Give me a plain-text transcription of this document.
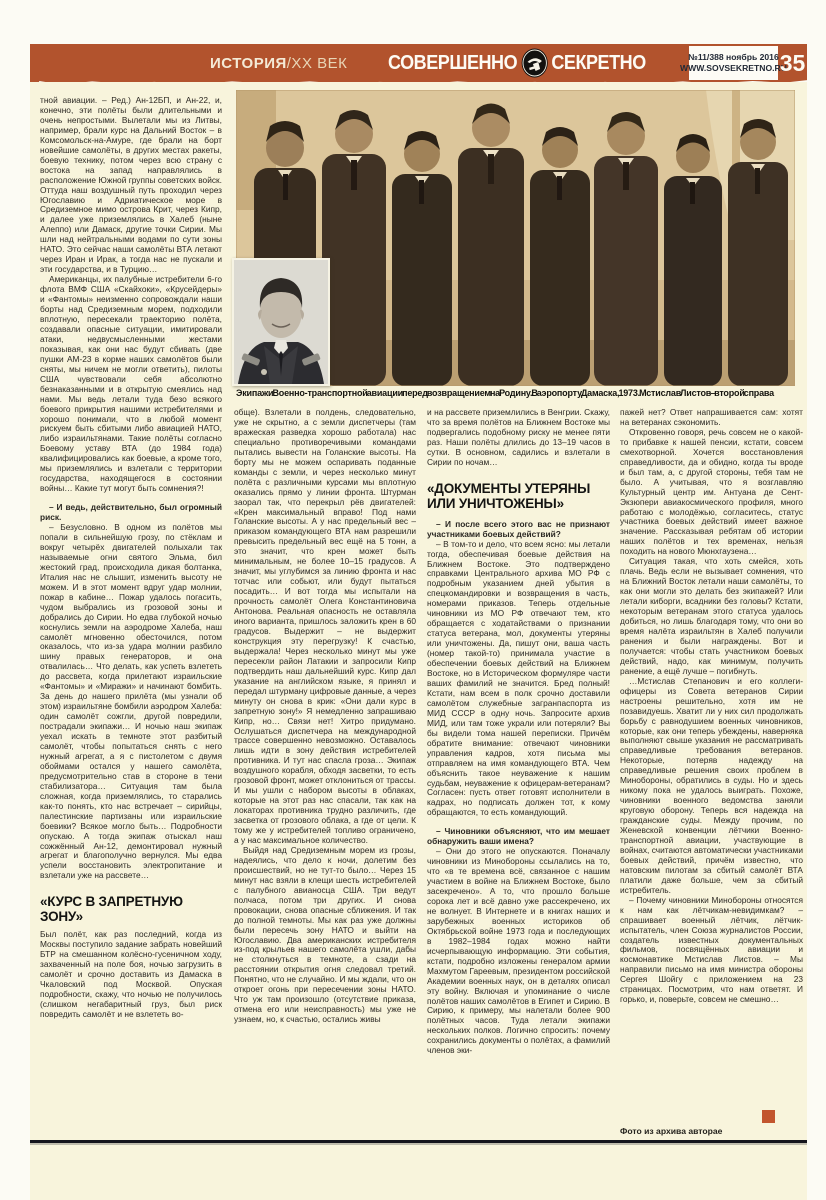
ИСТОРИЯ /XX ВЕК СОВЕРШЕННО СЕКРЕТНО	№11/388 ноябрь 2016
WWW.SOVSEKRETNO.RU
35
Экипажи Военно-транспортной авиации перед возвращением на Родину. В аэропорту Дамаска, 1973. Мстислав Листов – второй справа

тной авиации. – Ред.) Ан-12БП, и Ан-22, и, конечно, эти полёты были длительными и очень непростыми. Вылетали мы из Литвы, например, брали курс на Дальний Восток – в Комсомольск-на-Амуре, где брали на борт новейшие самолёты, в других местах ракеты, боевую технику, потом через всю страну с востока на запад направлялись в расположение Южной группы советских войск. Оттуда наш воздушный путь проходил через Югославию и Адриатическое море в Средиземное мимо острова Крит, через Кипр, и далее уже приземлялись в Халеб (ныне Алеппо) или Дамаск, другие точки Сирии. Мы шли над нейтральными водами по сути зоны НАТО. Это сейчас наши самолёты ВТА летают через Иран и Ирак, а тогда нас не пускали и эти государства, и в Турцию…

Американцы, их палубные истребители 6-го флота ВМФ США «Скайхоки», «Крусейдеры» и «Фантомы» неизменно сопровождали наши борты над Средиземным морем, подходили вплотную, пересекали траекторию полёта, создавали опасные ситуации, имитировали атаки, недвусмысленными жестами показывая, как они нас будут сбивать (две пушки АМ-23 в корме наших самолётов были сняты, мы ничем не могли ответить), пилоты США чувствовали себя абсолютно безнаказанными и в открытую смеялись над нами. Мы ведь летали туда безо всякого боевого прикрытия нашими истребителями и хорошо понимали, что в любой момент рискуем быть сбитыми либо авиацией НАТО, либо израильтянами. Такие полёты согласно Боевому уставу ВТА (до 1984 года) квалифицировались как боевые, а кроме того, мы приземлялись и взлетали с территории государства, находящегося в состоянии войны… Какие тут могут быть сомнения?!

– И ведь, действительно, был огромный риск.

– Безусловно. В одном из полётов мы попали в сильнейшую грозу, по стёклам и вокруг четырёх двигателей полыхали так называемые огни святого Эльма, бил жестокий град, происходила дикая болтанка, Италия нас не слышит, изменить высоту не можем. И в этот момент вдруг удар молнии, пожар в кабине… Пожар удалось погасить, чудом выбрались из грозовой зоны и добрались до Сирии. Но едва глубокой ночью коснулись земли на аэродроме Халеба, наш самолёт мгновенно обесточился, потом оказалось, что из-за удара молнии разбило шину правых генераторов, и она отвалилась… Что делать, как успеть взлететь до рассвета, когда прилетают израильские «Фантомы» и «Миражи» и начинают бомбить. За день до нашего прилёта (мы узнали об этом) израильтяне бомбили аэродром Халеба: один самолёт сожгли, другой повредили, пострадали экипажи… И ночью наш экипаж уехал искать в темноте этот разбитый самолёт, чтобы попытаться снять с него нужный агрегат, а я с пистолетом с двумя обоймами остался у нашего самолёта, предусмотрительно став в стороне в тени стабилизатора… Ситуация там была сложная, когда приземлялись, то старались как-то понять, кто нас встречает – сирийцы, палестинские партизаны или израильские боевики? Всякое могло быть… Подробности опускаю. А тогда экипаж отыскал наш сожжённый Ан-12, демонтировал нужный агрегат и благополучно вернулся. Мы едва успели восстановить электропитание и взлетали уже на рассвете…

«КУРС В ЗАПРЕТНУЮ ЗОНУ»

Был полёт, как раз последний, когда из Москвы поступило задание забрать новейший БТР на смешанном колёсно-гусеничном ходу, захваченный на поле боя, ночью загрузить в самолёт и срочно доставить из Дамаска в Чкаловский под Москвой. Опуская подробности, скажу, что ночью не получилось (слишком негабаритный груз, был риск повредить самолёт и не взлететь во-

обще). Взлетали в полдень, следовательно, уже не скрытно, а с земли диспетчеры (там вражеская разведка хорошо работала) нас специально противоречивыми командами пытались вывести на Голанские высоты. На борту мы не можем оспаривать поданные команды с земли, и через несколько минут полёта с различными курсами мы вплотную оказались прямо у линии фронта. Штурман заорал так, что перекрыл рёв двигателей: «Крен максимальный вправо! Под нами Голанские высоты. А у нас предельный вес – приказом командующего ВТА нам разрешили превысить предельный вес ещё на 5 тонн, а это значит, что крен может быть минимальным, не более 10–15 градусов. А значит, мы углубимся за линию фронта и нас тотчас или собьют, или будут пытаться посадить… И вот тогда мы испытали на прочность самолёт Олега Константиновича Антонова. Реальная опасность не оставляла иного варианта, пришлось заложить крен в 60 градусов. Выдержит – не выдержит конструкция эту перегрузку! К счастью, выдержала! Через несколько минут мы уже пересекли район Латакии и запросили Кипр подтвердить наш дальнейший курс. Кипр дал указание на английском языке, я принял и передал штурману цифровые данные, а через минуту он снова в крик: «Они дали курс в запретную зону!» Я немедленно запрашиваю Кипр, но… Связи нет! Хитро придумано. Ослушаться диспетчера на международной трассе совершенно невозможно. Оставалось лишь идти в зону действия истребителей противника. И тут нас спасла гроза… Экипаж воздушного корабля, обходя засветки, то есть грозовой фронт, может отклониться от трассы. И мы ушли с набором высоты в облаках, которые на этот раз нас спасали, так как на локаторах противника трудно различить, где засветка от грозового облака, а где от цели. К тому же у истребителей топливо ограничено, а у нас максимальное количество.

Выйдя над Средиземным морем из грозы, надеялись, что дело к ночи, долетим без происшествий, но не тут-то было… Через 15 минут нас взяли в клещи шесть истребителей с палубного авианосца США. Три ведут полчаса, потом три других. И снова провокации, снова опасные сближения. И так до полной темноты. Мы как раз уже должны были пересечь зону НАТО и выйти на Югославию. Два американских истребителя из-под крыльев нашего самолёта ушли, дабы не столкнуться в темноте, а сзади на расстоянии открытия огня следовал третий. Понятно, что не случайно. И мы ждали, что он откроет огонь при пересечении зоны НАТО. Что уж там произошло (отсутствие приказа, отмена его или неисправность) мы уже не узнаем, но, к счастью, остались живы

и на рассвете приземлились в Венгрии. Скажу, что за время полётов на Ближнем Востоке мы подвергались подобному риску не менее пяти раз. Наши полёты длились до 13–19 часов в сутки. В основном, садились и взлетали в Сирии по ночам…

«ДОКУМЕНТЫ УТЕРЯНЫ ИЛИ УНИЧТОЖЕНЫ»

– И после всего этого вас не признают участниками боевых действий?

– В том-то и дело, что всем ясно: мы летали тогда, обеспечивая боевые действия на Ближнем Востоке. Это подтверждено справками Центрального архива МО РФ с подробным указанием дней убытия в спецкомандировки и возвращения в часть, номерами приказов. Теперь отдельные чиновники из МО РФ отвечают тем, кто обращается с ходатайствами о признании статуса ветерана, мол, документы утеряны или уничтожены. Да, пишут они, ваша часть (номер такой-то) принимала участие в обеспечении боевых действий на Ближнем Востоке, но в Историческом формуляре части ваших фамилий не значится. Бред полный! Кстати, нам всем в полк срочно доставили самолётом служебные загранпаспорта из МИД СССР в одну ночь. Запросите архив МИД, или там тоже украли или потеряли? Вы бы видели тома нашей переписки. Причём обратите внимание: отвечают чиновники управления кадров, хотя письма мы отправляем на имя командующего ВТА. Чем объяснить такое неуважение к нашим судьбам, неуважение к офицерам-ветеранам? Согласен: пусть ответ готовят исполнители в кадрах, но подписать должен тот, к кому обращаются, то есть командующий.

– Чиновники объясняют, что им мешает обнаружить ваши имена?

– Они до этого не опускаются. Поначалу чиновники из Минобороны ссылались на то, что «в те времена всё, связанное с нашим участием в войне на Ближнем Востоке, было засекречено». А то, что прошло больше сорока лет и всё давно уже рассекречено, их не волнует. В Интернете и в книгах наших и зарубежных военных историков об Октябрьской войне 1973 года и последующих в 1982–1984 годах можно найти исчерпывающую информацию. Эти события, кстати, подробно изложены генералом армии Махмутом Гареевым, президентом российской Академии военных наук, он в деталях описал эту войну. Включая и упоминание о числе полётов наших самолётов в Египет и Сирию. В Сирию, к примеру, мы налетали более 900 полётных часов. Туда летали экипажи нескольких полков. Логично спросить: почему сохранились документы о полётах, а фамилий членов эки-

пажей нет? Ответ напрашивается сам: хотят на ветеранах сэкономить.

Откровенно говоря, речь совсем не о какой-то прибавке к нашей пенсии, кстати, совсем смехотворной. Хочется восстановления справедливости, да и обидно, когда ты вроде и был там, а, с другой стороны, тебя там не было. А учитывая, что я возглавляю Культурный центр им. Антуана де Сент-Экзюпери авиакосмического профиля, много работаю с молодёжью, согласитесь, статус участника боевых действий имеет важное значение. Рассказывая ребятам об истории наших полётов и тех временах, нельзя походить на нового Мюнхгаузена…

Ситуация такая, что хоть смейся, хоть плачь. Ведь если не вызывает сомнения, что на Ближний Восток летали наши самолёты, то как они могли это делать без экипажей? Или летали киборги, всадники без головы? Кстати, некоторым ветеранам этого статуса удалось добиться, но лишь благодаря тому, что они во время налёта израильтян в Халеб получили ранения и были награждены. Вот и получается: чтобы стать участником боевых действий, надо, как минимум, получить ранение, а ещё лучше – погибнуть.

…Мстислав Степанович и его коллеги-офицеры из Совета ветеранов Сирии настроены решительно, хотя им не позавидуешь. Хватит ли у них сил продолжать борьбу с равнодушием военных чиновников, которые, как они теперь убеждены, наверняка выполняют свыше указания не рассматривать справедливые требования ветеранов. Некоторые, потеряв надежду на справедливые решения своих проблем в Минобороны, обратились в суды. Но и здесь никому пока не удалось выиграть. Похоже, чиновники военного ведомства заняли круговую оборону. Теперь вся надежда на гражданские суды. Между прочим, по Женевской конвенции лётчики Военно-транспортной авиации, участвующие в войнах, считаются автоматически участниками боевых действий, причём известно, что натовским пилотам за сбитый самолёт ВТА платили даже больше, чем за сбитый истребитель.

– Почему чиновники Минобороны относятся к нам как лётчикам-невидимкам? – спрашивает военный лётчик, лётчик-испытатель, член Союза журналистов России, создатель известных документальных фильмов, посвящённых авиации и космонавтике Мстислав Листов. – Мы направили письмо на имя министра обороны Сергея Шойгу с приложением на 23 страницах. Посмотрим, что нам ответят. И горько, и, поверьте, совсем не смешно…

Фото из архива авторае
